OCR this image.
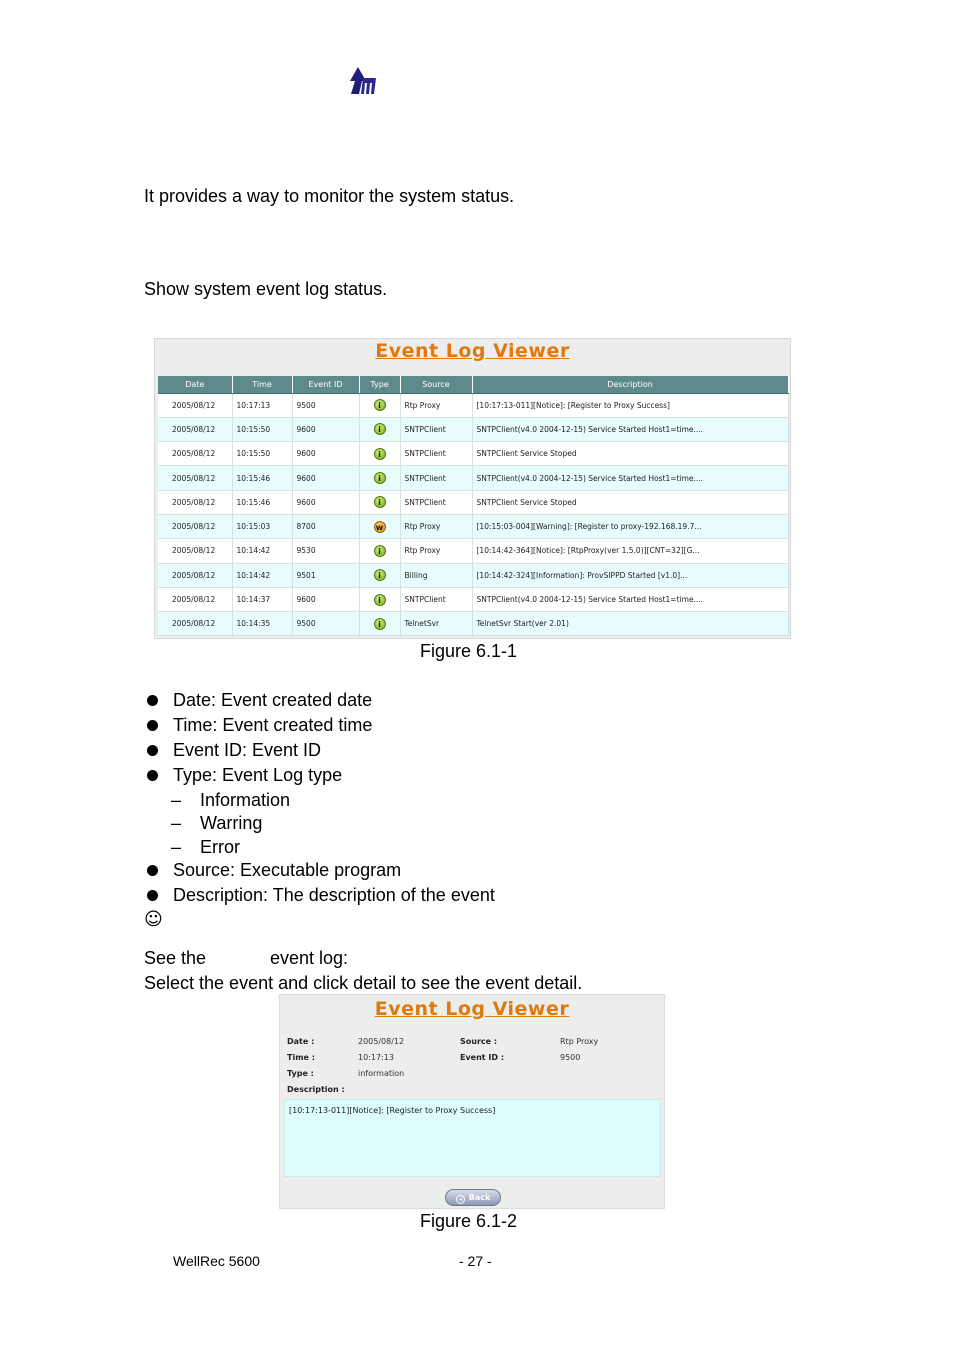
It provides a way to monitor the system status.
Show system event log status.
Event Log Viewer
Date	Time	Event ID	Type	Source	Description
2005/08/12	10:17:13	9500	i	Rtp Proxy	[10:17:13-011][Notice]: [Register to Proxy Success]
2005/08/12	10:15:50	9600	i	SNTPClient	SNTPClient(v4.0 2004-12-15) Service Started Host1=time....
2005/08/12	10:15:50	9600	i	SNTPClient	SNTPClient Service Stoped
2005/08/12	10:15:46	9600	i	SNTPClient	SNTPClient(v4.0 2004-12-15) Service Started Host1=time....
2005/08/12	10:15:46	9600	i	SNTPClient	SNTPClient Service Stoped
2005/08/12	10:15:03	8700	w	Rtp Proxy	[10:15:03-004][Warning]: [Register to proxy-192.168.19.7...
2005/08/12	10:14:42	9530	i	Rtp Proxy	[10:14:42-364][Notice]: [RtpProxy(ver 1.5.0)][CNT=32][G...
2005/08/12	10:14:42	9501	i	Billing	[10:14:42-324][Information]: ProvSIPPD Started [v1.0]...
2005/08/12	10:14:37	9600	i	SNTPClient	SNTPClient(v4.0 2004-12-15) Service Started Host1=time....
2005/08/12	10:14:35	9500	i	TelnetSvr	TelnetSvr Start(ver 2.01)
Figure 6.1-1
Date: Event created date
Time: Event created time
Event ID: Event ID
Type: Event Log type
– Information
– Warring
– Error
Source: Executable program
Description: The description of the event
☺
See the	event log:
Select the event and click detail to see the event detail.
Event Log Viewer
Date :	2005/08/12	Source :	Rtp Proxy
Time :	10:17:13	Event ID :	9500
Type :	information
Description :
[10:17:13-011][Notice]: [Register to Proxy Success]
◂ Back
Figure 6.1-2
WellRec 5600	- 27 -
